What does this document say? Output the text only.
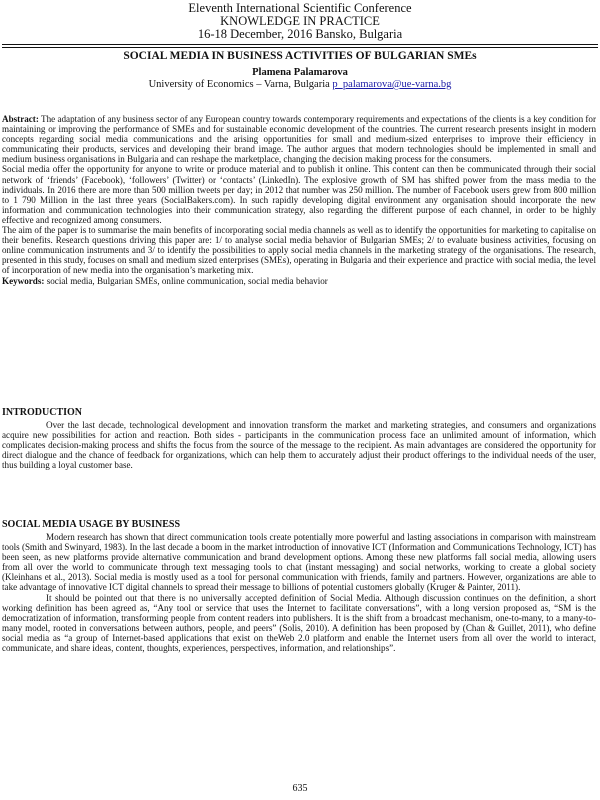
Eleventh International Scientific Conference
KNOWLEDGE IN PRACTICE
16-18 December, 2016 Bansko, Bulgaria
SOCIAL MEDIA IN BUSINESS ACTIVITIES OF BULGARIAN SMEs
Plamena Palamarova
University of Economics – Varna, Bulgaria p_palamarova@ue-varna.bg

Abstract: The adaptation of any business sector of any European country towards contemporary requirements and expectations of the clients is a key condition for maintaining or improving the performance of SMEs and for sustainable economic development of the countries. The current research presents insight in modern concepts regarding social media communications and the arising opportunities for small and medium-sized enterprises to improve their efficiency in communicating their products, services and developing their brand image. The author argues that modern technologies should be implemented in small and medium business organisations in Bulgaria and can reshape the marketplace, changing the decision making process for the consumers.

Social media offer the opportunity for anyone to write or produce material and to publish it online. This content can then be communicated through their social network of ‘friends’ (Facebook), ‘followers’ (Twitter) or ‘contacts’ (LinkedIn). The explosive growth of SM has shifted power from the mass media to the individuals. In 2016 there are more than 500 million tweets per day; in 2012 that number was 250 million. The number of Facebook users grew from 800 million to 1 790 Million in the last three years (SocialBakers.com). In such rapidly developing digital environment any organisation should incorporate the new information and communication technologies into their communication strategy, also regarding the different purpose of each channel, in order to be highly effective and recognized among consumers.

The aim of the paper is to summarise the main benefits of incorporating social media channels as well as to identify the opportunities for marketing to capitalise on their benefits. Research questions driving this paper are: 1/ to analyse social media behavior of Bulgarian SMEs; 2/ to evaluate business activities, focusing on online communication instruments and 3/ to identify the possibilities to apply social media channels in the marketing strategy of the organisations. The research, presented in this study, focuses on small and medium sized enterprises (SMEs), operating in Bulgaria and their experience and practice with social media, the level of incorporation of new media into the organisation’s marketing mix.

Keywords: social media, Bulgarian SMEs, online communication, social media behavior

INTRODUCTION

Over the last decade, technological development and innovation transform the market and marketing strategies, and consumers and organizations acquire new possibilities for action and reaction. Both sides - participants in the communication process face an unlimited amount of information, which complicates decision-making process and shifts the focus from the source of the message to the recipient. As main advantages are considered the opportunity for direct dialogue and the chance of feedback for organizations, which can help them to accurately adjust their product offerings to the individual needs of the user, thus building a loyal customer base.

SOCIAL MEDIA USAGE BY BUSINESS

Modern research has shown that direct communication tools create potentially more powerful and lasting associations in comparison with mainstream tools (Smith and Swinyard, 1983). In the last decade a boom in the market introduction of innovative ICT (Information and Communications Technology, ICT) has been seen, as new platforms provide alternative communication and brand development options. Among these new platforms fall social media, allowing users from all over the world to communicate through text messaging tools to chat (instant messaging) and social networks, working to create a global society (Kleinhans et al., 2013). Social media is mostly used as a tool for personal communication with friends, family and partners. However, organizations are able to take advantage of innovative ICT digital channels to spread their message to billions of potential customers globally (Kruger & Painter, 2011).

It should be pointed out that there is no universally accepted definition of Social Media. Although discussion continues on the definition, a short working definition has been agreed as, “Any tool or service that uses the Internet to facilitate conversations”, with a long version proposed as, “SM is the democratization of information, transforming people from content readers into publishers. It is the shift from a broadcast mechanism, one-to-many, to a many-to-many model, rooted in conversations between authors, people, and peers” (Solis, 2010). A definition has been proposed by (Chan & Guillet, 2011), who define social media as “a group of Internet-based applications that exist on theWeb 2.0 platform and enable the Internet users from all over the world to interact, communicate, and share ideas, content, thoughts, experiences, perspectives, information, and relationships”.

635
